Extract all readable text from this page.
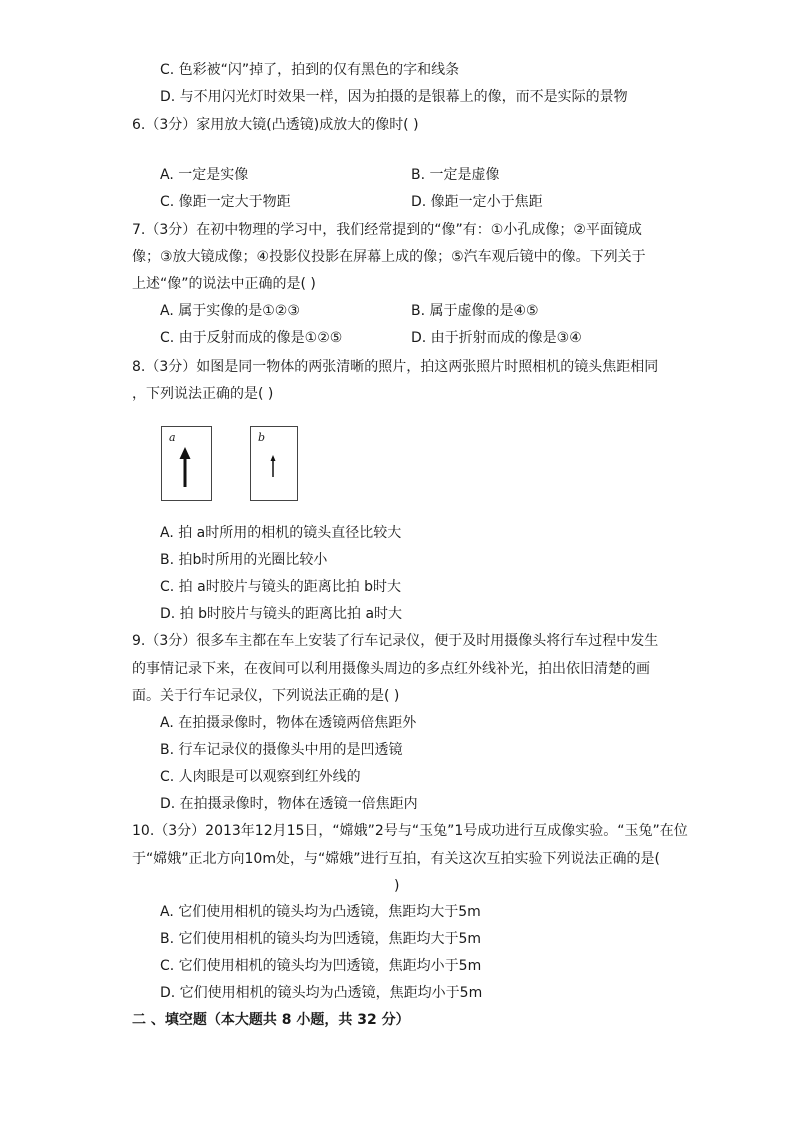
C. 色彩被“闪”掉了，拍到的仅有黑色的字和线条
D. 与不用闪光灯时效果一样，因为拍摄的是银幕上的像，而不是实际的景物
6.（3分）家用放大镜(凸透镜)成放大的像时( )
A. 一定是实像	B. 一定是虚像
C. 像距一定大于物距	D. 像距一定小于焦距
7.（3分）在初中物理的学习中，我们经常提到的“像”有：①小孔成像；②平面镜成
像；③放大镜成像；④投影仪投影在屏幕上成的像；⑤汽车观后镜中的像。下列关于
上述“像”的说法中正确的是( )
A. 属于实像的是①②③	B. 属于虚像的是④⑤
C. 由于反射而成的像是①②⑤	D. 由于折射而成的像是③④
8.（3分）如图是同一物体的两张清晰的照片，拍这两张照片时照相机的镜头焦距相同
，下列说法正确的是( )
a	b
A. 拍 a时所用的相机的镜头直径比较大
B. 拍b时所用的光圈比较小
C. 拍 a时胶片与镜头的距离比拍 b时大
D. 拍 b时胶片与镜头的距离比拍 a时大
9.（3分）很多车主都在车上安装了行车记录仪，便于及时用摄像头将行车过程中发生
的事情记录下来，在夜间可以利用摄像头周边的多点红外线补光，拍出依旧清楚的画
面。关于行车记录仪，下列说法正确的是( )
A. 在拍摄录像时，物体在透镜两倍焦距外
B. 行车记录仪的摄像头中用的是凹透镜
C. 人肉眼是可以观察到红外线的
D. 在拍摄录像时，物体在透镜一倍焦距内
10.（3分）2013年12月15日，“嫦娥”2号与“玉兔”1号成功进行互成像实验。“玉兔”在位
于“嫦娥”正北方向10m处，与“嫦娥”进行互拍，有关这次互拍实验下列说法正确的是(
)
A. 它们使用相机的镜头均为凸透镜，焦距均大于5m
B. 它们使用相机的镜头均为凹透镜，焦距均大于5m
C. 它们使用相机的镜头均为凹透镜，焦距均小于5m
D. 它们使用相机的镜头均为凸透镜，焦距均小于5m
二 、填空题（本大题共 8 小题，共 32 分）
